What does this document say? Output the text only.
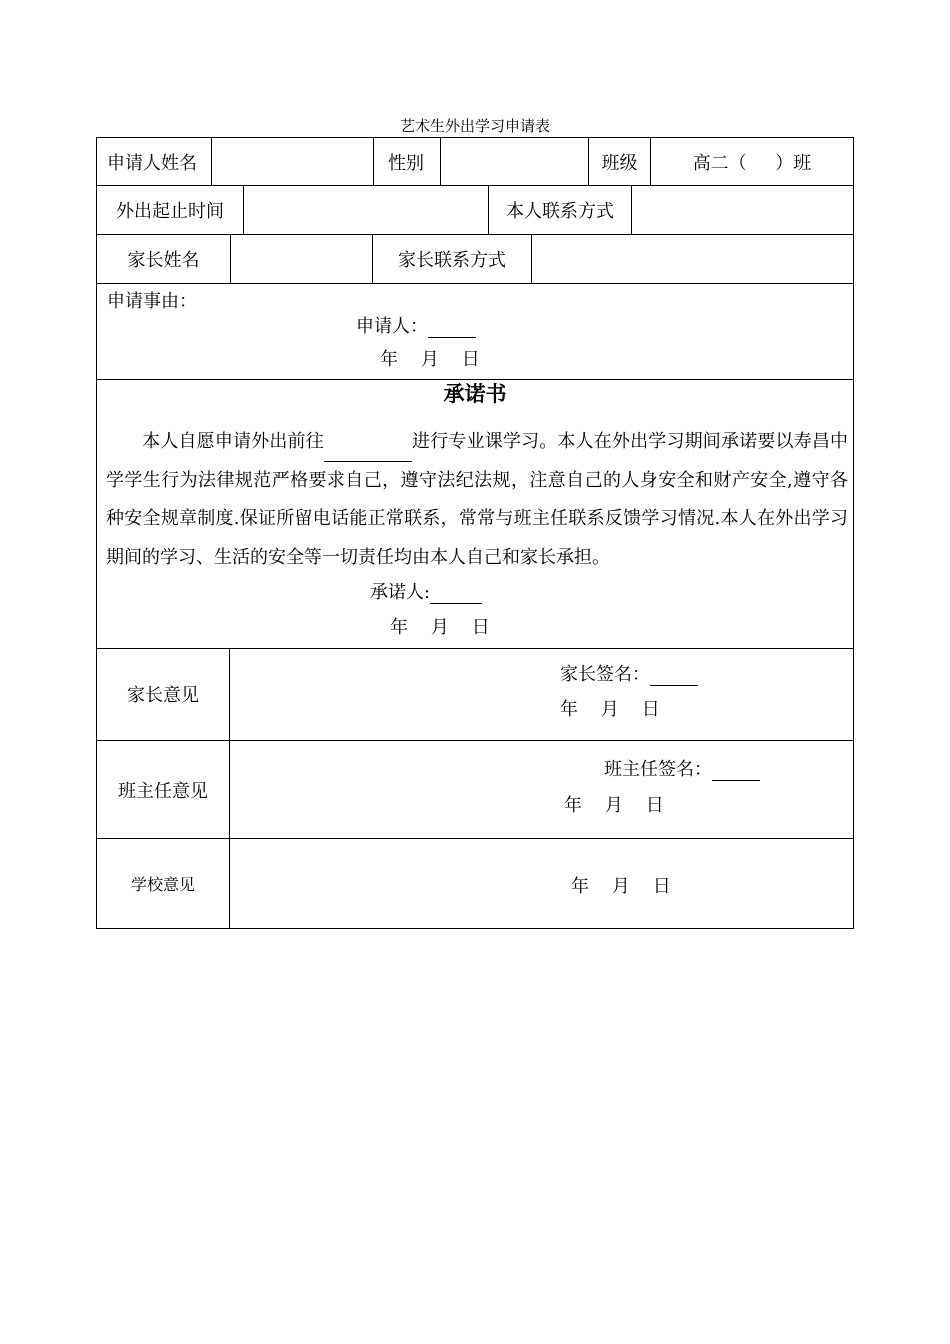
艺术生外出学习申请表
申请人姓名	性别	班级	高二（     ）班
外出起止时间	本人联系方式
家长姓名	家长联系方式
申请事由：
申请人：
年    月    日
承诺书
本人自愿申请外出前往	进行专业课学习。本人在外出学习期间承诺要以寿昌中学学生行为法律规范严格要求自己，遵守法纪法规，注意自己的人身安全和财产安全,遵守各种安全规章制度.保证所留电话能正常联系，常常与班主任联系反馈学习情况.本人在外出学习期间的学习、生活的安全等一切责任均由本人自己和家长承担。
承诺人:
年    月    日
家长意见
家长签名：
年    月    日
班主任意见
班主任签名：
年    月    日
学校意见	年    月    日
